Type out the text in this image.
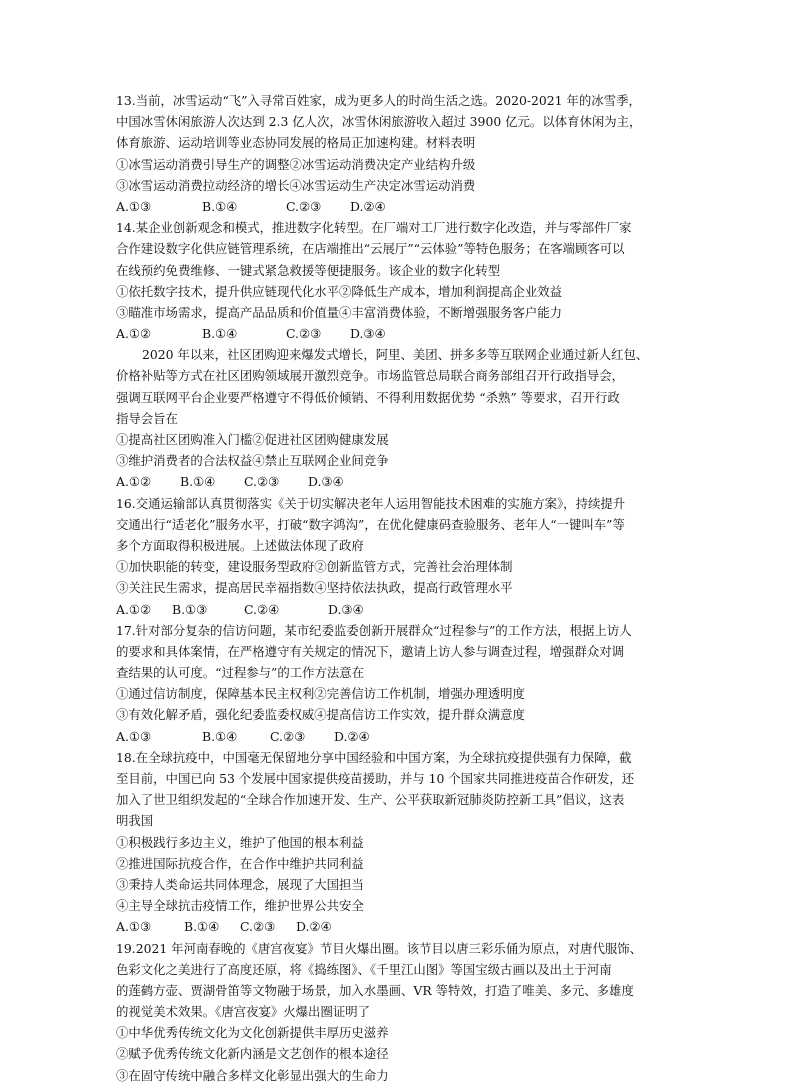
13.当前，冰雪运动“飞”入寻常百姓家，成为更多人的时尚生活之选。2020-2021 年的冰雪季，
中国冰雪休闲旅游人次达到 2.3 亿人次，冰雪休闲旅游收入超过 3900 亿元。以体育休闲为主，
体育旅游、运动培训等业态协同发展的格局正加速构建。材料表明
①冰雪运动消费引导生产的调整②冰雪运动消费决定产业结构升级
③冰雪运动消费拉动经济的增长④冰雪运动生产决定冰雪运动消费
A.①③	B.①④	C.②③ D.②④
14.某企业创新观念和模式，推进数字化转型。在厂端对工厂进行数字化改造，并与零部件厂家
合作建设数字化供应链管理系统，在店端推出“云展厅”“云体验”等特色服务；在客端顾客可以
在线预约免费维修、一键式紧急救援等便捷服务。该企业的数字化转型
①依托数字技术，提升供应链现代化水平②降低生产成本，增加利润提高企业效益
③瞄准市场需求，提高产品品质和价值量④丰富消费体验，不断增强服务客户能力
A.①②	B.①④	C.②③ D.③④
2020 年以来，社区团购迎来爆发式增长，阿里、美团、拼多多等互联网企业通过新人红包、
价格补贴等方式在社区团购领域展开激烈竞争。市场监管总局联合商务部组召开行政指导会，
强调互联网平台企业要严格遵守不得低价倾销、不得利用数据优势 “杀熟” 等要求，召开行政
指导会旨在
①提高社区团购准入门槛②促进社区团购健康发展
③维护消费者的合法权益④禁止互联网企业间竞争
A.①② B.①④ C.②③ D.③④
16.交通运输部认真贯彻落实《关于切实解决老年人运用智能技术困难的实施方案》，持续提升
交通出行“适老化”服务水平，打破“数字鸿沟”，在优化健康码查验服务、老年人“一键叫车”等
多个方面取得积极进展。上述做法体现了政府
①加快职能的转变，建设服务型政府②创新监管方式，完善社会治理体制
③关注民生需求，提高居民幸福指数④坚持依法执政，提高行政管理水平
A.①② B.①③	C.②④	D.③④
17.针对部分复杂的信访问题，某市纪委监委创新开展群众“过程参与”的工作方法，根据上访人
的要求和具体案情，在严格遵守有关规定的情况下，邀请上访人参与调查过程，增强群众对调
查结果的认可度。“过程参与”的工作方法意在
①通过信访制度，保障基本民主权利②完善信访工作机制，增强办理透明度
③有效化解矛盾，强化纪委监委权威④提高信访工作实效，提升群众满意度
A.①③	B.①④	C.②③ D.②④
18.在全球抗疫中，中国毫无保留地分享中国经验和中国方案，为全球抗疫提供强有力保障，截
至目前，中国已向 53 个发展中国家提供疫苗援助，并与 10 个国家共同推进疫苗合作研发，还
加入了世卫组织发起的“全球合作加速开发、生产、公平获取新冠肺炎防控新工具”倡议，这表
明我国
①积极践行多边主义，维护了他国的根本利益
②推进国际抗疫合作，在合作中维护共同利益
③秉持人类命运共同体理念，展现了大国担当
④主导全球抗击疫情工作，维护世界公共安全
A.①③	B.①④ C.②③ D.②④
19.2021 年河南春晚的《唐宫夜宴》节目火爆出圈。该节目以唐三彩乐俑为原点，对唐代服饰、
色彩文化之美进行了高度还原，将《捣练图》、《千里江山图》等国宝级古画以及出土于河南
的莲鹤方壶、贾湖骨笛等文物融于场景，加入水墨画、VR 等特效，打造了唯美、多元、多雄度
的视觉美术效果。《唐宫夜宴》火爆出圈证明了
①中华优秀传统文化为文化创新提供丰厚历史滋养
②赋予优秀传统文化新内涵是文艺创作的根本途径
③在固守传统中融合多样文化彰显出强大的生命力
